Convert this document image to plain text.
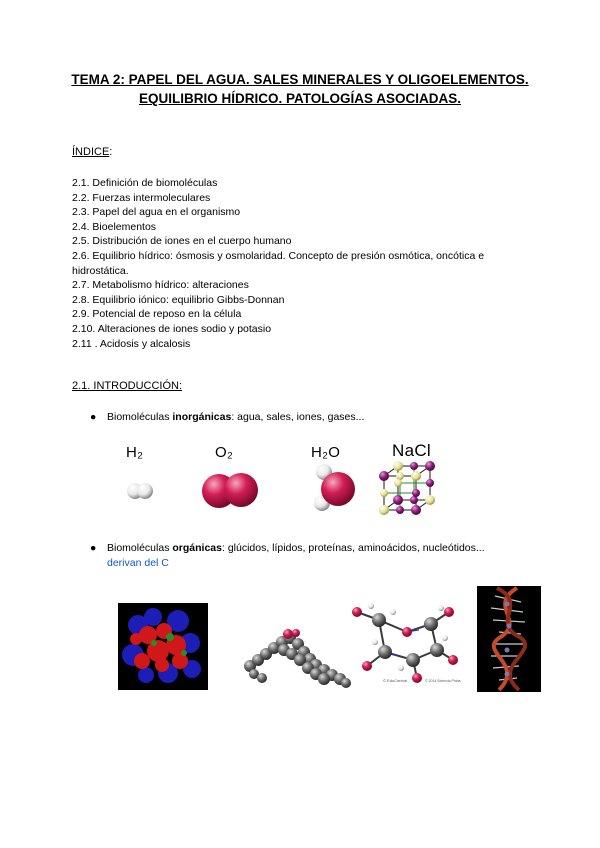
TEMA 2: PAPEL DEL AGUA. SALES MINERALES Y OLIGOELEMENTOS. EQUILIBRIO HÍDRICO. PATOLOGÍAS ASOCIADAS.
ÍNDICE:
2.1. Definición de biomoléculas
2.2. Fuerzas intermoleculares
2.3. Papel del agua en el organismo
2.4. Bioelementos
2.5. Distribución de iones en el cuerpo humano
2.6. Equilibrio hídrico: ósmosis y osmolaridad. Concepto de presión osmótica, oncótica e hidrostática.
2.7. Metabolismo hídrico: alteraciones
2.8. Equilibrio iónico: equilibrio Gibbs-Donnan
2.9. Potencial de reposo en la célula
2.10. Alteraciones de iones sodio y potasio
2.11 . Acidosis y alcalosis
2.1. INTRODUCCIÓN:
● Biomoléculas inorgánicas: agua, sales, iones, gases...
H₂	O₂	H₂O	NaCl
● Biomoléculas orgánicas: glúcidos, lípidos, proteínas, aminoácidos, nucleótidos...
derivan del C
© EduCentral	© 2014 Sciencia Phina
